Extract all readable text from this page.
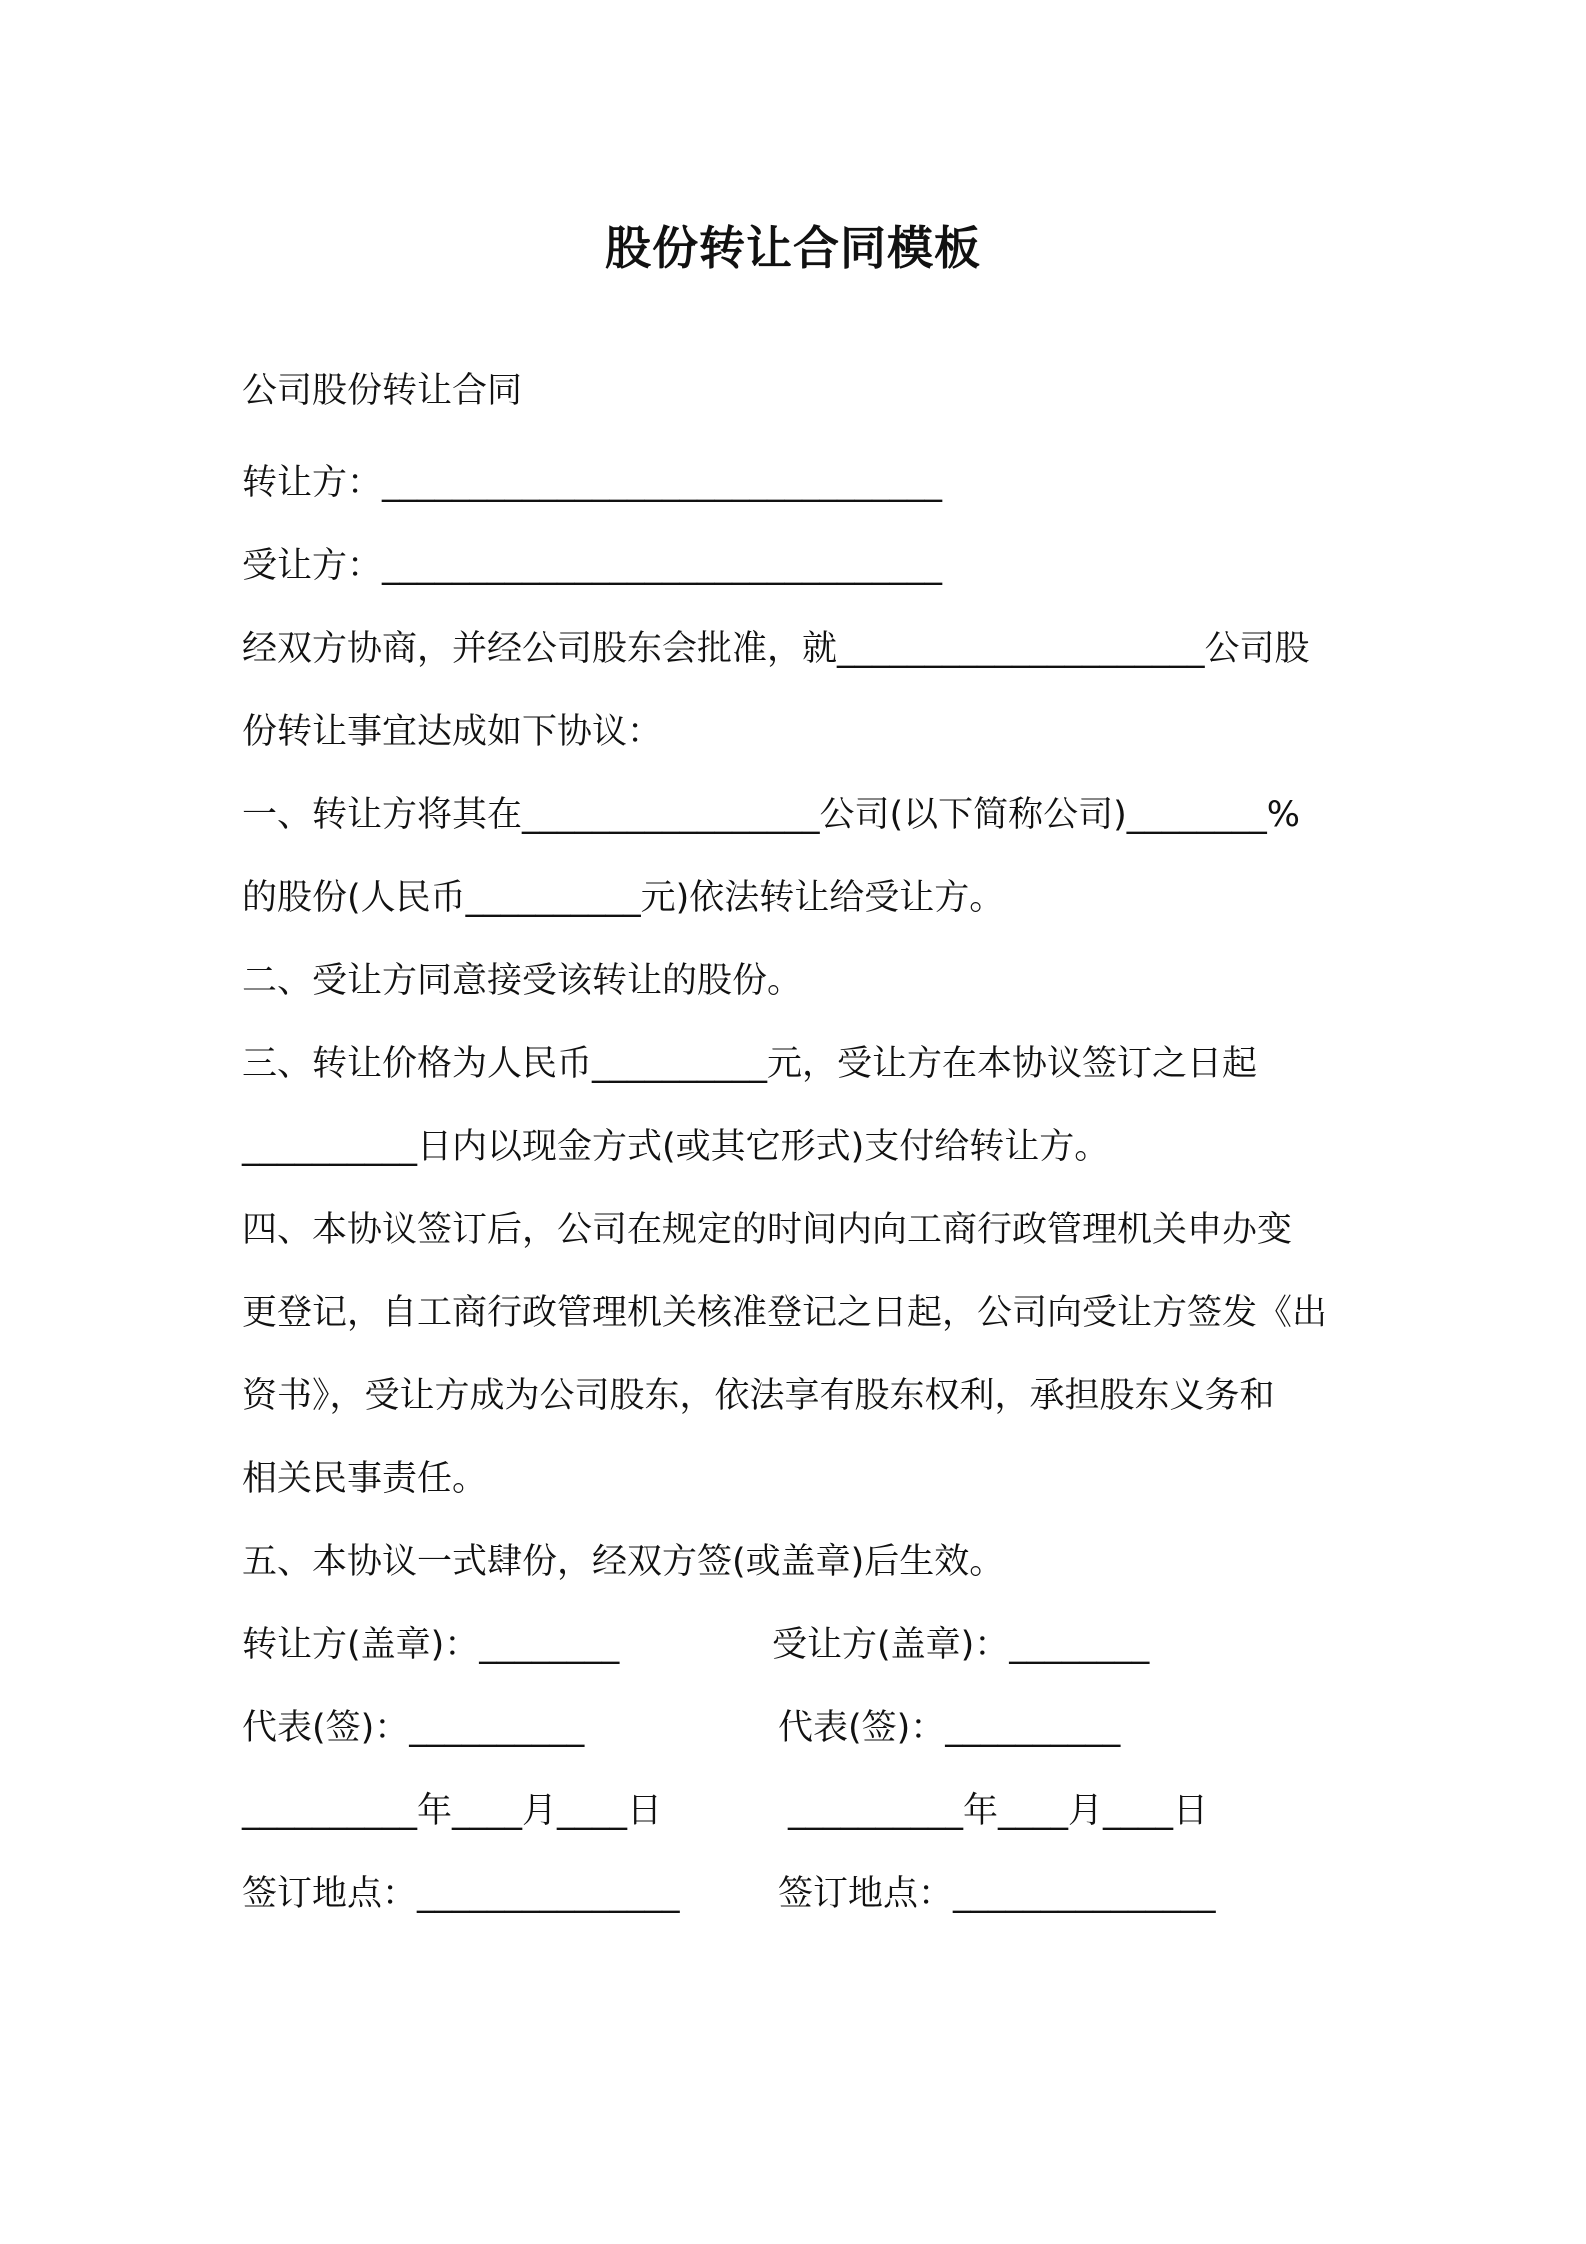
股份转让合同模板
公司股份转让合同
转让方：________________________________
受让方：________________________________
经双方协商，并经公司股东会批准，就_____________________公司股
份转让事宜达成如下协议：
一、转让方将其在_________________公司(以下简称公司)________%
的股份(人民币__________元)依法转让给受让方。
二、受让方同意接受该转让的股份。
三、转让价格为人民币__________元，受让方在本协议签订之日起
__________日内以现金方式(或其它形式)支付给转让方。
四、本协议签订后，公司在规定的时间内向工商行政管理机关申办变
更登记，自工商行政管理机关核准登记之日起，公司向受让方签发《出
资书》，受让方成为公司股东，依法享有股东权利，承担股东义务和
相关民事责任。
五、本协议一式肆份，经双方签(或盖章)后生效。
转让方(盖章)：________	受让方(盖章)：________
代表(签)：__________	代表(签)：__________
__________年____月____日	__________年____月____日
签订地点：_______________	签订地点：_______________
